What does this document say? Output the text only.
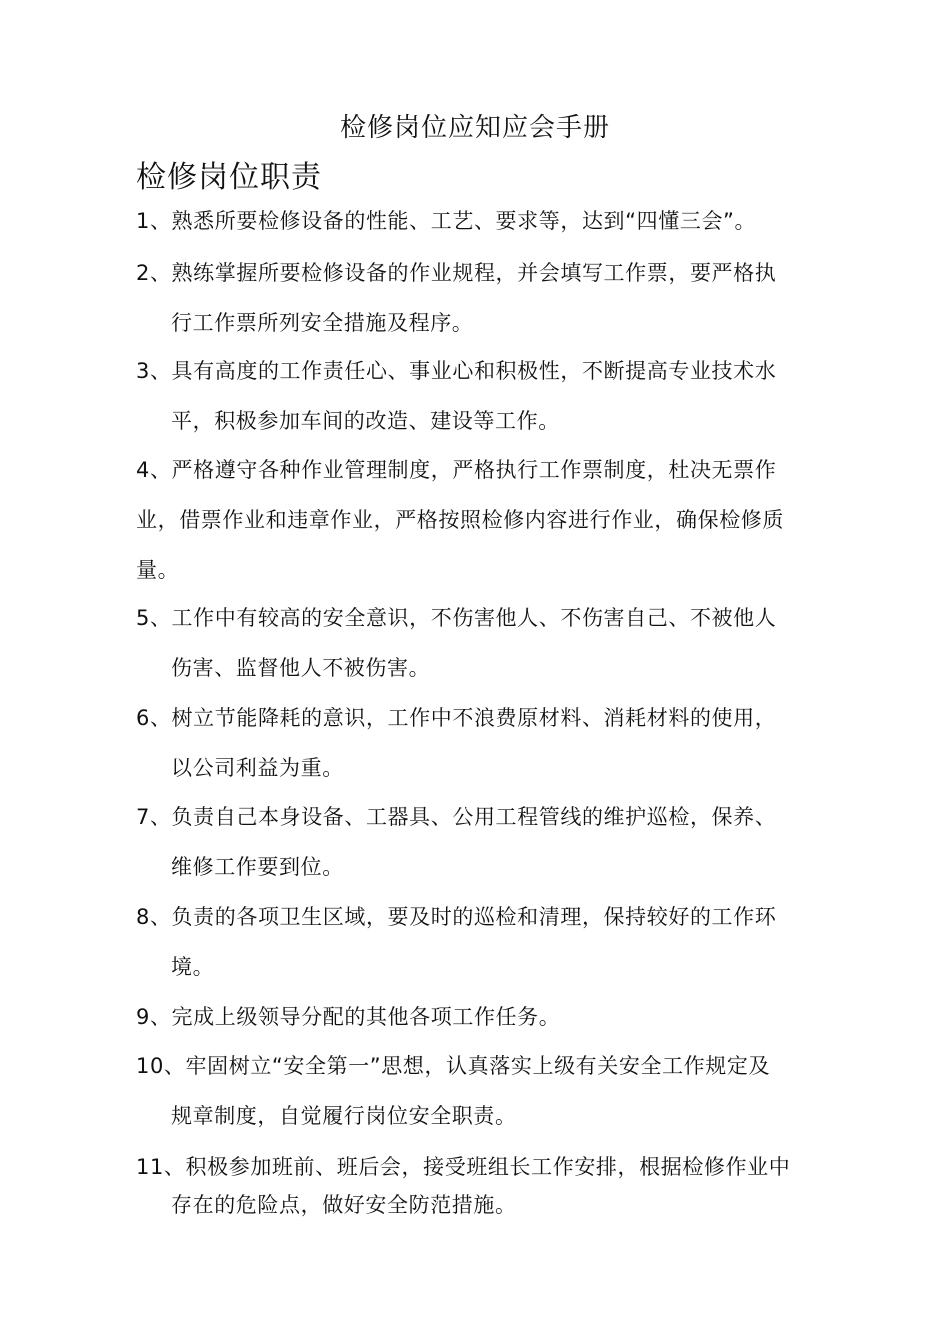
检修岗位应知应会手册
检修岗位职责
1、熟悉所要检修设备的性能、工艺、要求等，达到“四懂三会”。
2、熟练掌握所要检修设备的作业规程，并会填写工作票，要严格执
行工作票所列安全措施及程序。
3、具有高度的工作责任心、事业心和积极性，不断提高专业技术水
平，积极参加车间的改造、建设等工作。
4、严格遵守各种作业管理制度，严格执行工作票制度，杜决无票作
业，借票作业和违章作业，严格按照检修内容进行作业，确保检修质
量。
5、工作中有较高的安全意识，不伤害他人、不伤害自己、不被他人
伤害、监督他人不被伤害。
6、树立节能降耗的意识，工作中不浪费原材料、消耗材料的使用，
以公司利益为重。
7、负责自己本身设备、工器具、公用工程管线的维护巡检，保养、
维修工作要到位。
8、负责的各项卫生区域，要及时的巡检和清理，保持较好的工作环
境。
9、完成上级领导分配的其他各项工作任务。
10、牢固树立“安全第一”思想，认真落实上级有关安全工作规定及
规章制度，自觉履行岗位安全职责。
11、积极参加班前、班后会，接受班组长工作安排，根据检修作业中
存在的危险点，做好安全防范措施。
